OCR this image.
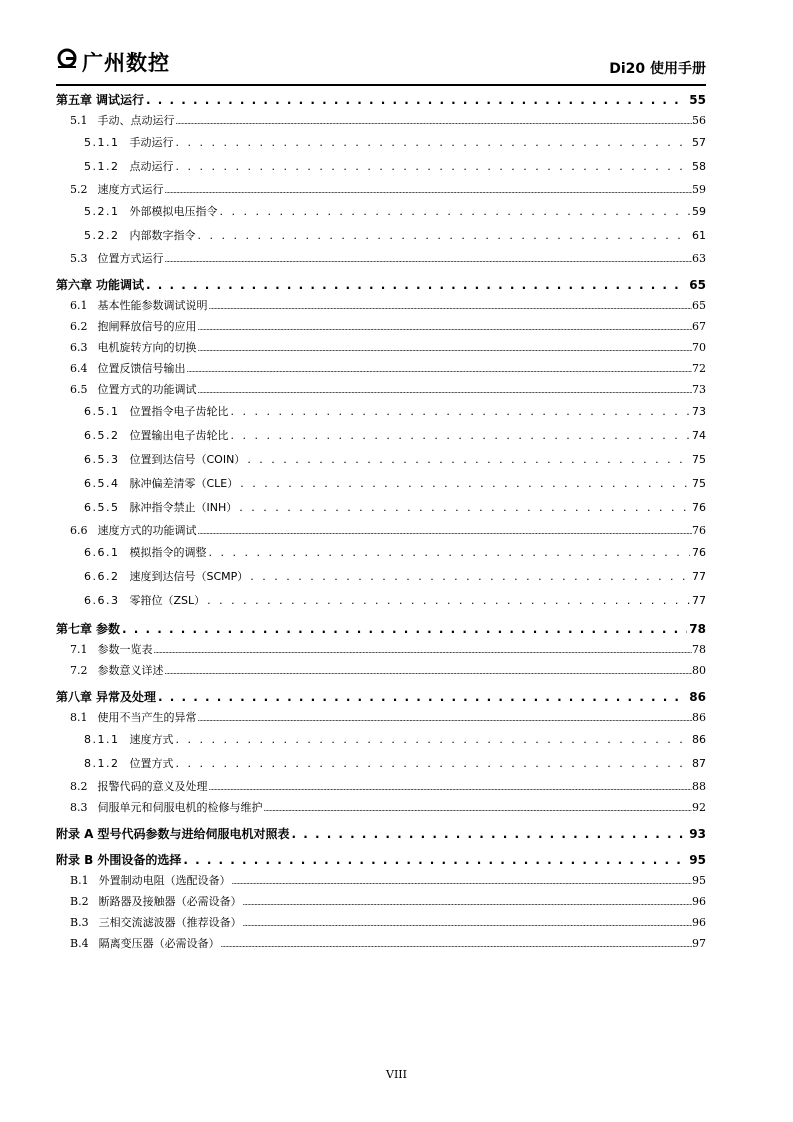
广州数控	Di20 使用手册
第五章 调试运行 . . .	55
5.1 手动、点动运行 . . .	56
5.1.1 手动运行 . . .	57
5.1.2 点动运行 . . .	58
5.2 速度方式运行 . . .	59
5.2.1 外部模拟电压指令 . . .	59
5.2.2 内部数字指令 . . .	61
5.3 位置方式运行 . . .	63
第六章 功能调试 . . .	65
6.1 基本性能参数调试说明 . . .	65
6.2 抱闸释放信号的应用 . . .	67
6.3 电机旋转方向的切换 . . .	70
6.4 位置反馈信号输出 . . .	72
6.5 位置方式的功能调试 . . .	73
6.5.1 位置指令电子齿轮比 . . .	73
6.5.2 位置输出电子齿轮比 . . .	74
6.5.3 位置到达信号（COIN） . . .	75
6.5.4 脉冲偏差清零（CLE） . . .	75
6.5.5 脉冲指令禁止（INH） . . .	76
6.6 速度方式的功能调试 . . .	76
6.6.1 模拟指令的调整 . . .	76
6.6.2 速度到达信号（SCMP） . . .	77
6.6.3 零箝位（ZSL） . . .	77
第七章 参数 . . .	78
7.1 参数一览表 . . .	78
7.2 参数意义详述 . . .	80
第八章 异常及处理 . . .	86
8.1 使用不当产生的异常 . . .	86
8.1.1 速度方式 . . .	86
8.1.2 位置方式 . . .	87
8.2 报警代码的意义及处理 . . .	88
8.3 伺服单元和伺服电机的检修与维护 . . .	92
附录 A 型号代码参数与进给伺服电机对照表 . . .	93
附录 B 外围设备的选择 . . .	95
B.1 外置制动电阻（选配设备） . . .	95
B.2 断路器及接触器（必需设备） . . .	96
B.3 三相交流滤波器（推荐设备） . . .	96
B.4 隔离变压器（必需设备） . . .	97
VIII
